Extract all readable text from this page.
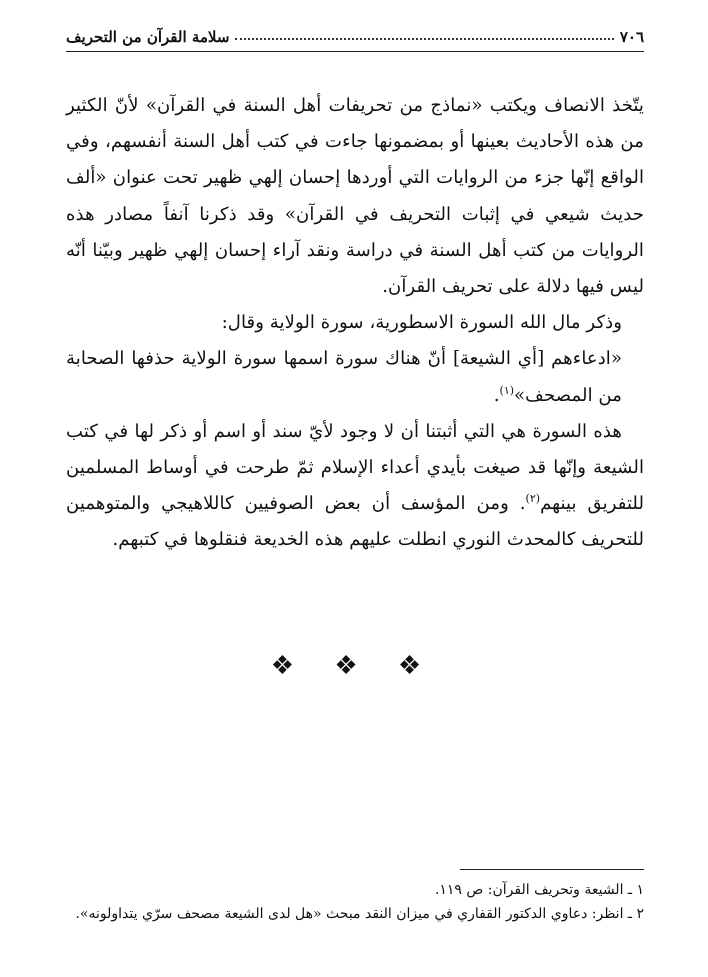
٧٠٦
سلامة القرآن من التحريف

يتّخذ الانصاف ويكتب «نماذج من تحريفات أهل السنة في القرآن» لأنّ الكثير من هذه الأحاديث بعينها أو بمضمونها جاءت في كتب أهل السنة أنفسهم، وفي الواقع إنّها جزء من الروايات التي أوردها إحسان إلهي ظهير تحت عنوان «ألف حديث شيعي في إثبات التحريف في القرآن» وقد ذكرنا آنفاً مصادر هذه الروايات من كتب أهل السنة في دراسة ونقد آراء إحسان إلهي ظهير وبيّنا أنّه ليس فيها دلالة على تحريف القرآن.

وذكر مال الله السورة الاسطورية، سورة الولاية وقال:

«ادعاءهم [أي الشيعة] أنّ هناك سورة اسمها سورة الولاية حذفها الصحابة من المصحف»$^{(١)}$.

هذه السورة هي التي أثبتنا أن لا وجود لأيّ سند أو اسم أو ذكر لها في كتب الشيعة وإنّها قد صيغت بأيدي أعداء الإسلام ثمّ طرحت في أوساط المسلمين للتفريق بينهم$^{(٢)}$. ومن المؤسف أن بعض الصوفيين كاللاهيجي والمتوهمين للتحريف كالمحدث النوري انطلت عليهم هذه الخديعة فنقلوها في كتبهم.

❖ ❖ ❖

١ ـ الشيعة وتحريف القرآن: ص ١١٩.

٢ ـ انظر: دعاوي الدكتور القفاري في ميزان النقد مبحث «هل لدى الشيعة مصحف سرّي يتداولونه».
